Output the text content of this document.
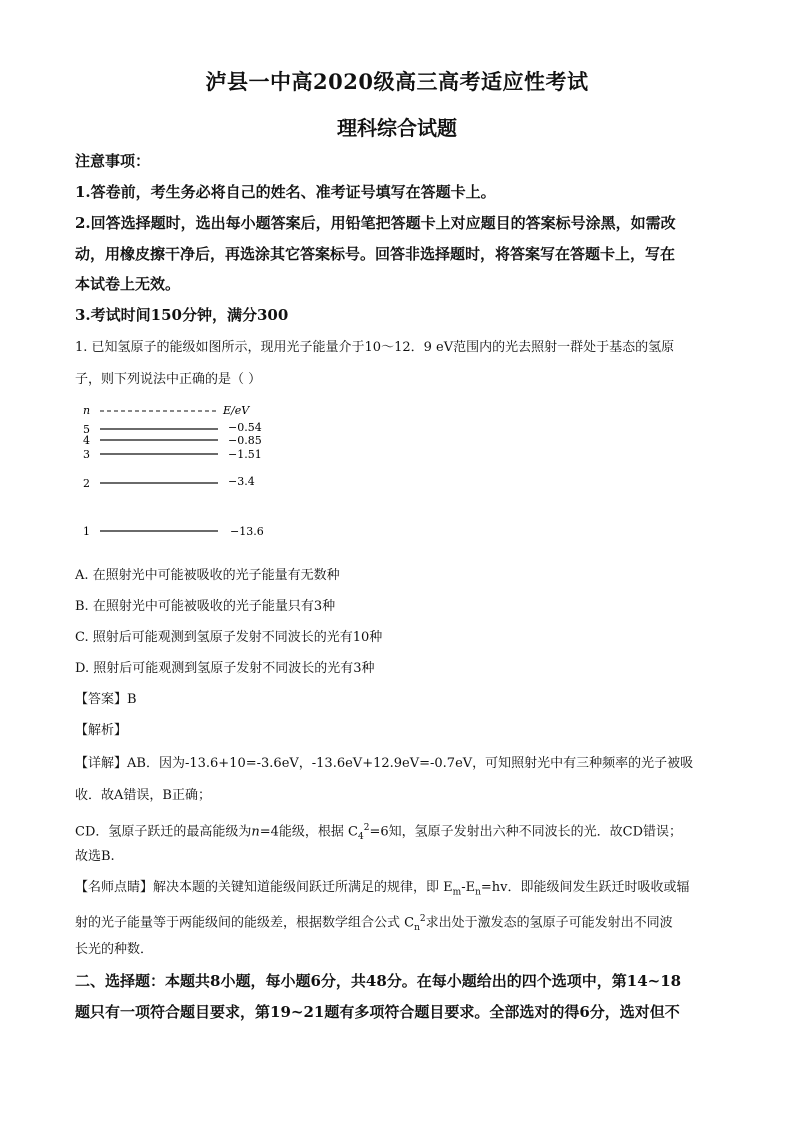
泸县一中高2020级高三高考适应性考试
理科综合试题
注意事项：
1.答卷前，考生务必将自己的姓名、准考证号填写在答题卡上。
2.回答选择题时，选出每小题答案后，用铅笔把答题卡上对应题目的答案标号涂黑，如需改
动，用橡皮擦干净后，再选涂其它答案标号。回答非选择题时，将答案写在答题卡上，写在
本试卷上无效。
3.考试时间150分钟，满分300
1. 已知氢原子的能级如图所示，现用光子能量介于10～12．9 eV范围内的光去照射一群处于基态的氢原
子，则下列说法中正确的是（ ）
n	E/eV
5	−0.54
4	−0.85
3	−1.51
2	−3.4
1	−13.6
A. 在照射光中可能被吸收的光子能量有无数种
B. 在照射光中可能被吸收的光子能量只有3种
C. 照射后可能观测到氢原子发射不同波长的光有10种
D. 照射后可能观测到氢原子发射不同波长的光有3种
【答案】B
【解析】
【详解】AB．因为-13.6+10=-3.6eV，-13.6eV+12.9eV=-0.7eV，可知照射光中有三种频率的光子被吸
收．故A错误，B正确；
CD．氢原子跃迁的最高能级为n=4能级，根据 $C_4^2=6$知，氢原子发射出六种不同波长的光．故CD错误；
故选B.
【名师点睛】解决本题的关键知道能级间跃迁所满足的规律，即 $E_m-E_n=hv$．即能级间发生跃迁时吸收或辐
射的光子能量等于两能级间的能级差，根据数学组合公式 $C_n^2$求出处于激发态的氢原子可能发射出不同波
长光的种数．
二、选择题：本题共8小题，每小题6分，共48分。在每小题给出的四个选项中，第14~18
题只有一项符合题目要求，第19~21题有多项符合题目要求。全部选对的得6分，选对但不
